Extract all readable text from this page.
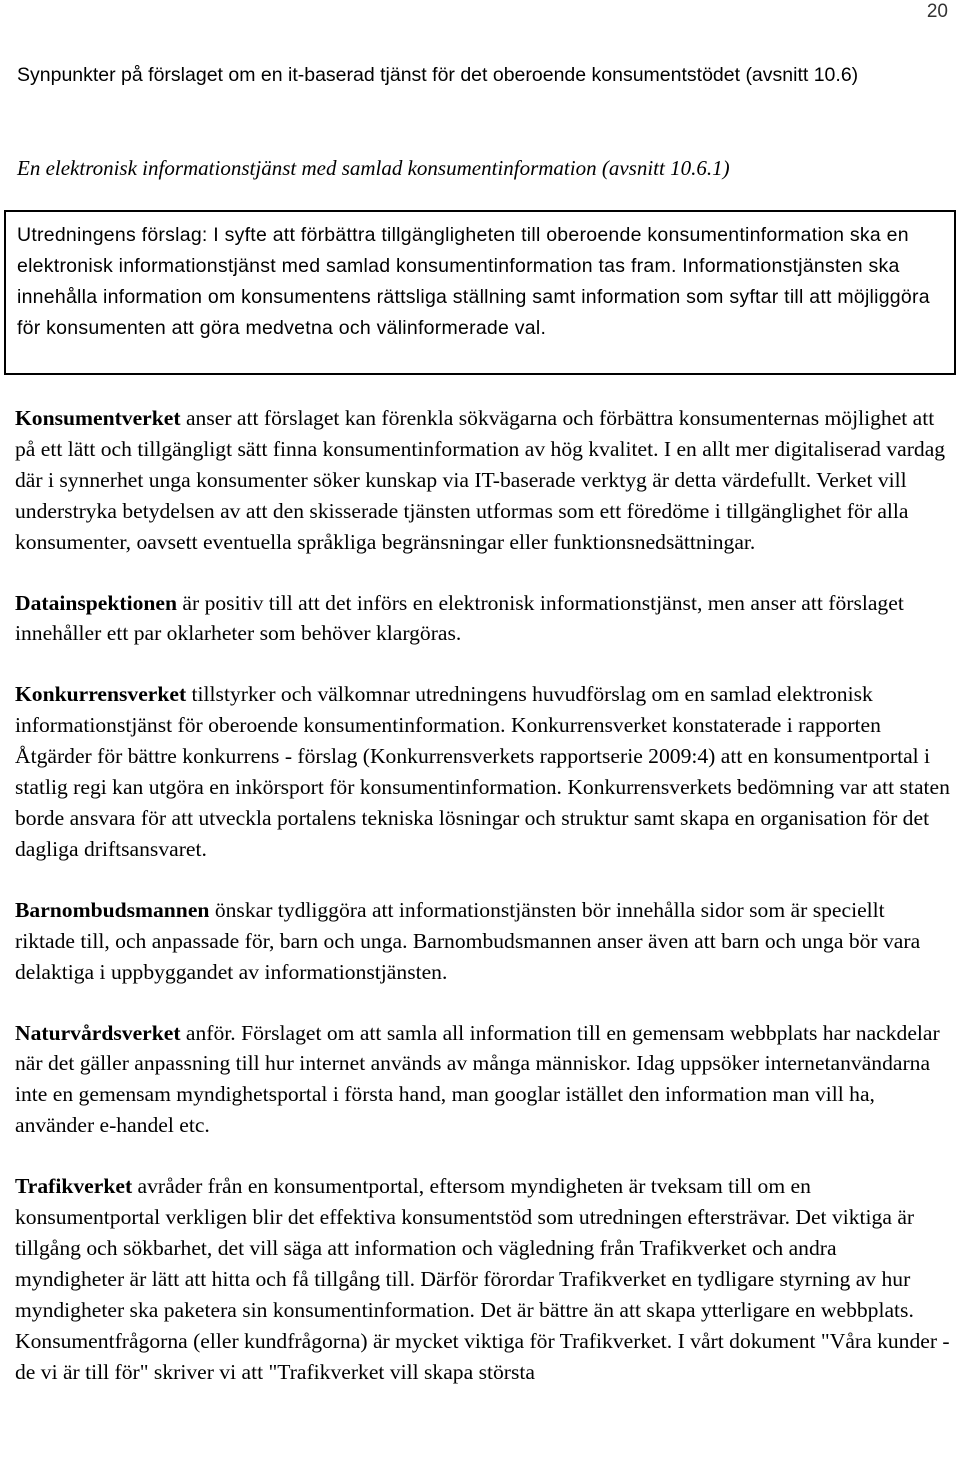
20
Synpunkter på förslaget om en it-baserad tjänst för det oberoende konsumentstödet (avsnitt 10.6)
En elektronisk informationstjänst med samlad konsumentinformation (avsnitt 10.6.1)
Utredningens förslag: I syfte att förbättra tillgängligheten till oberoende konsumentinformation ska en elektronisk informationstjänst med samlad konsumentinformation tas fram. Informationstjänsten ska innehålla information om konsumentens rättsliga ställning samt information som syftar till att möjliggöra för konsumenten att göra medvetna och välinformerade val.

Konsumentverket anser att förslaget kan förenkla sökvägarna och förbättra konsumenternas möjlighet att på ett lätt och tillgängligt sätt finna konsumentinformation av hög kvalitet. I en allt mer digitaliserad vardag där i synnerhet unga konsumenter söker kunskap via IT-baserade verktyg är detta värdefullt. Verket vill understryka betydelsen av att den skisserade tjänsten utformas som ett föredöme i tillgänglighet för alla konsumenter, oavsett eventuella språkliga begränsningar eller funktionsnedsättningar.

Datainspektionen är positiv till att det införs en elektronisk informationstjänst, men anser att förslaget innehåller ett par oklarheter som behöver klargöras.

Konkurrensverket tillstyrker och välkomnar utredningens huvudförslag om en samlad elektronisk informationstjänst för oberoende konsumentinformation. Konkurrensverket konstaterade i rapporten Åtgärder för bättre konkurrens - förslag (Konkurrensverkets rapportserie 2009:4) att en konsumentportal i statlig regi kan utgöra en inkörsport för konsumentinformation. Konkurrensverkets bedömning var att staten borde ansvara för att utveckla portalens tekniska lösningar och struktur samt skapa en organisation för det dagliga driftsansvaret.

Barnombudsmannen önskar tydliggöra att informationstjänsten bör innehålla sidor som är speciellt riktade till, och anpassade för, barn och unga. Barnombudsmannen anser även att barn och unga bör vara delaktiga i uppbyggandet av informationstjänsten.

Naturvårdsverket anför. Förslaget om att samla all information till en gemensam webbplats har nackdelar när det gäller anpassning till hur internet används av många människor. Idag uppsöker internetanvändarna inte en gemensam myndighetsportal i första hand, man googlar istället den information man vill ha, använder e-handel etc.

Trafikverket avråder från en konsumentportal, eftersom myndigheten är tveksam till om en konsumentportal verkligen blir det effektiva konsumentstöd som utredningen eftersträvar. Det viktiga är tillgång och sökbarhet, det vill säga att information och vägledning från Trafikverket och andra myndigheter är lätt att hitta och få tillgång till. Därför förordar Trafikverket en tydligare styrning av hur myndigheter ska paketera sin konsumentinformation. Det är bättre än att skapa ytterligare en webbplats. Konsumentfrågorna (eller kundfrågorna) är mycket viktiga för Trafikverket. I vårt dokument "Våra kunder - de vi är till för" skriver vi att "Trafikverket vill skapa största
